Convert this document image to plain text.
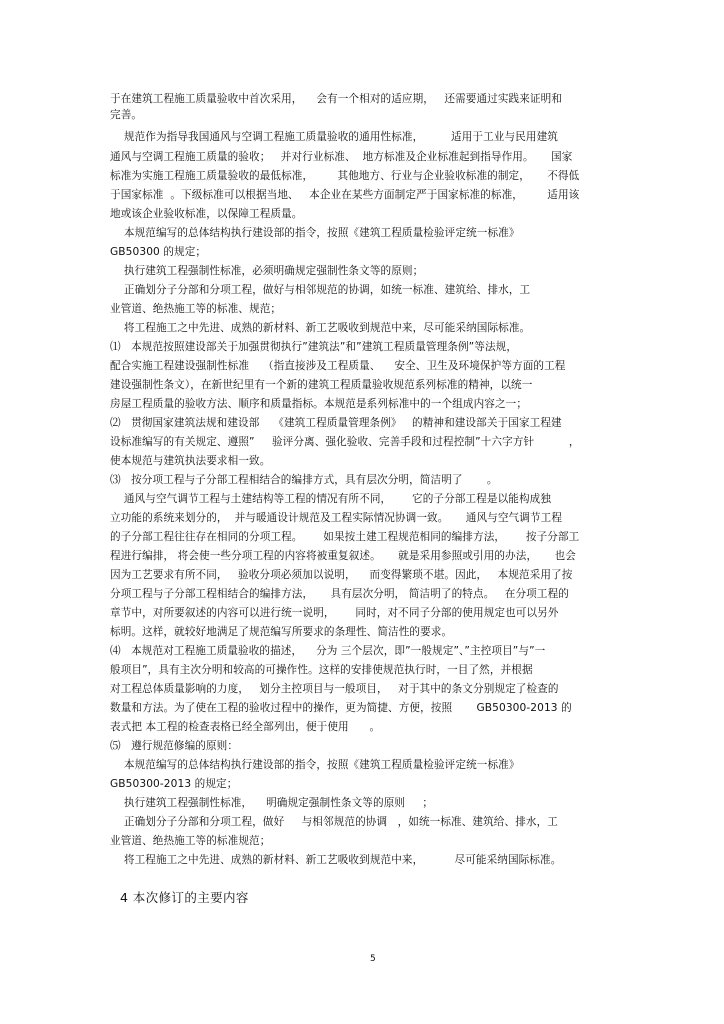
于在建筑工程施工质量验收中首次采用，    会有一个相对的适应期，   还需要通过实践来证明和
完善。
规范作为指导我国通风与空调工程施工质量验收的通用性标准，        适用于工业与民用建筑
通风与空调工程施工质量的验收；   并对行业标准、  地方标准及企业标准起到指导作用。     国家
标准为实施工程施工质量验收的最低标准，       其他地方、行业与企业验收标准的制定，     不得低
于国家标准  。下级标准可以根据当地、   本企业在某些方面制定严于国家标准的标准，       适用该
地或该企业验收标准，以保障工程质量。
本规范编写的总体结构执行建设部的指令，按照《建筑工程质量检验评定统一标准》
GB50300 的规定；
执行建筑工程强制性标准，必须明确规定强制性条文等的原则；
正确划分子分部和分项工程，做好与相邻规范的协调，如统一标准、建筑给、排水，工
业管道、绝热施工等的标准、规范；
将工程施工之中先进、成熟的新材料、新工艺吸收到规范中来，尽可能采纳国际标准。
⑴   本规范按照建设部关于加强贯彻执行”建筑法”和”建筑工程质量管理条例”等法规，
配合实施工程建设强制性标准    （指直接涉及工程质量、    安全、卫生及环境保护等方面的工程
建设强制性条文），在新世纪里有一个新的建筑工程质量验收规范系列标准的精神，以统一
房屋工程质量的验收方法、顺序和质量指标。本规范是系列标准中的一个组成内容之一；
⑵   贯彻国家建筑法规和建设部    《建筑工程质量管理条例》   的精神和建设部关于国家工程建
设标准编写的有关规定、遵照”     验评分离、强化验收、完善手段和过程控制”十六字方针          ，
使本规范与建筑执法要求相一致。
⑶   按分项工程与子分部工程相结合的编排方式，具有层次分明，简洁明了       。
通风与空气调节工程与土建结构等工程的情况有所不同，      它的子分部工程是以能构成独
立功能的系统来划分的，  并与暖通设计规范及工程实际情况协调一致。     通风与空气调节工程
的子分部工程往往存在相同的分项工程。      如果按土建工程规范相同的编排方法，      按子分部工
程进行编排， 将会使一些分项工程的内容将被重复叙述。     就是采用参照或引用的办法，     也会
因为工艺要求有所不同，   验收分项必须加以说明，    而变得繁琐不堪。因此，   本规范采用了按
分项工程与子分部工程相结合的编排方法，     具有层次分明， 简洁明了的特点。   在分项工程的
章节中，对所要叙述的内容可以进行统一说明，      同时，对不同子分部的使用规定也可以另外
标明。这样，就较好地满足了规范编写所要求的条理性、简洁性的要求。
⑷   本规范对工程施工质量验收的描述，    分为 三个层次，即”一般规定”、”主控项目”与”一
般项目”，具有主次分明和较高的可操作性。这样的安排使规范执行时，一目了然，并根据
对工程总体质量影响的力度，   划分主控项目与一般项目，   对于其中的条文分别规定了检查的
数量和方法。为了使在工程的验收过程中的操作，更为简捷、方便，按照       GB50300-2013 的
表式把 本工程的检查表格已经全部列出，便于使用      。
⑸   遵行规范修编的原则：
本规范编写的总体结构执行建设部的指令，按照《建筑工程质量检验评定统一标准》
GB50300-2013 的规定；
执行建筑工程强制性标准，    明确规定强制性条文等的原则     ；
正确划分子分部和分项工程，做好     与相邻规范的协调   ，如统一标准、建筑给、排水，工
业管道、绝热施工等的标准规范；
将工程施工之中先进、成熟的新材料、新工艺吸收到规范中来，         尽可能采纳国际标准。
4 本次修订的主要内容
5
